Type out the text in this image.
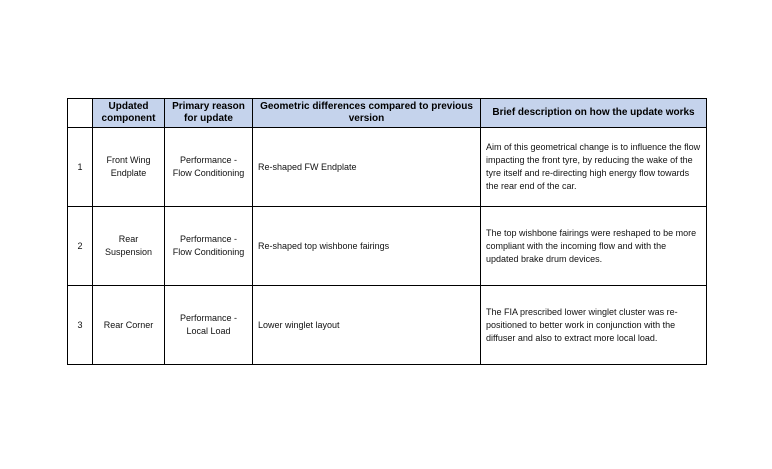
	Updated component	Primary reason for update	Geometric differences compared to previous version	Brief description on how the update works
1	Front Wing Endplate	Performance - Flow Conditioning	Re-shaped FW Endplate	Aim of this geometrical change is to influence the flow impacting the front tyre, by reducing the wake of the tyre itself and re-directing high energy flow towards the rear end of the car.
2	Rear Suspension	Performance - Flow Conditioning	Re-shaped top wishbone fairings	The top wishbone fairings were reshaped to be more compliant with the incoming flow and with the updated brake drum devices.
3	Rear Corner	Performance - Local Load	Lower winglet layout	The FIA prescribed lower winglet cluster was re-positioned to better work in conjunction with the diffuser and also to extract more local load.
